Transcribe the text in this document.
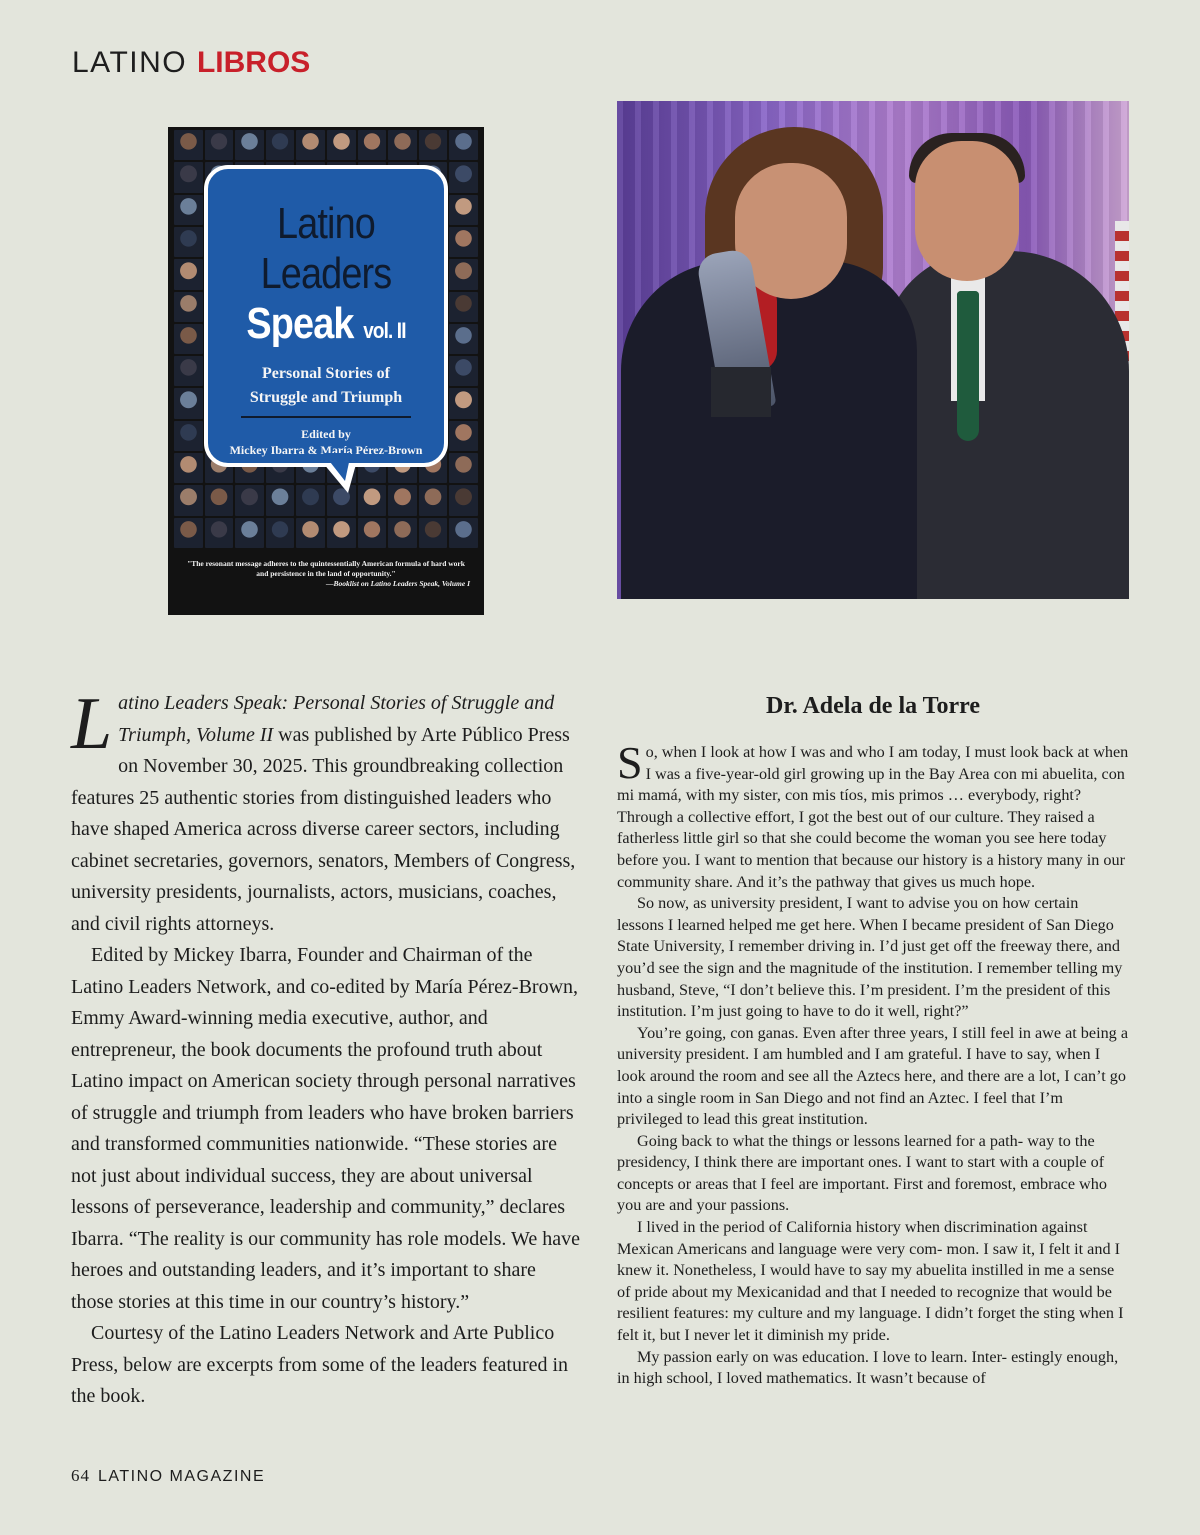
LATINO LIBROS
Latino
Leaders
Speak vol. II
Personal Stories of
Struggle and Triumph
Edited by
Mickey Ibarra & María Pérez-Brown
"The resonant message adheres to the quintessentially American formula of hard work and persistence in the land of opportunity."
—Booklist on Latino Leaders Speak, Volume I

Latino Leaders Speak: Personal Stories of Struggle and Triumph, Volume II was published by Arte Público Press on November 30, 2025. This groundbreaking collection features 25 authentic stories from distinguished leaders who have shaped America across diverse career sectors, including cabinet secretaries, governors, senators, Members of Congress, university presidents, journalists, actors, musicians, coaches, and civil rights attorneys.

Edited by Mickey Ibarra, Founder and Chairman of the Latino Leaders Network, and co-edited by María Pérez-Brown, Emmy Award-winning media executive, author, and entrepreneur, the book documents the profound truth about Latino impact on American society through personal narratives of struggle and triumph from leaders who have broken barriers and transformed communities nationwide. “These stories are not just about individual success, they are about universal lessons of perseverance, leadership and community,” declares Ibarra. “The reality is our community has role models. We have heroes and outstanding leaders, and it’s important to share those stories at this time in our country’s history.”

Courtesy of the Latino Leaders Network and Arte Publico Press, below are excerpts from some of the leaders featured in the book.

Dr. Adela de la Torre

So, when I look at how I was and who I am today, I must look back at when I was a five-year-old girl growing up in the Bay Area con mi abuelita, con mi mamá, with my sister, con mis tíos, mis primos … everybody, right? Through a collective effort, I got the best out of our culture. They raised a fatherless little girl so that she could become the woman you see here today before you. I want to mention that because our history is a history many in our community share. And it’s the pathway that gives us much hope.

So now, as university president, I want to advise you on how certain lessons I learned helped me get here. When I became president of San Diego State University, I remember driving in. I’d just get off the freeway there, and you’d see the sign and the magnitude of the institution. I remember telling my husband, Steve, “I don’t believe this. I’m president. I’m the president of this institution. I’m just going to have to do it well, right?”

You’re going, con ganas. Even after three years, I still feel in awe at being a university president. I am humbled and I am grateful. I have to say, when I look around the room and see all the Aztecs here, and there are a lot, I can’t go into a single room in San Diego and not find an Aztec. I feel that I’m privileged to lead this great institution.

Going back to what the things or lessons learned for a path- way to the presidency, I think there are important ones. I want to start with a couple of concepts or areas that I feel are important. First and foremost, embrace who you are and your passions.

I lived in the period of California history when discrimination against Mexican Americans and language were very com- mon. I saw it, I felt it and I knew it. Nonetheless, I would have to say my abuelita instilled in me a sense of pride about my Mexicanidad and that I needed to recognize that would be resilient features: my culture and my language. I didn’t forget the sting when I felt it, but I never let it diminish my pride.

My passion early on was education. I love to learn. Inter- estingly enough, in high school, I loved mathematics. It wasn’t because of

64 LATINO MAGAZINE
